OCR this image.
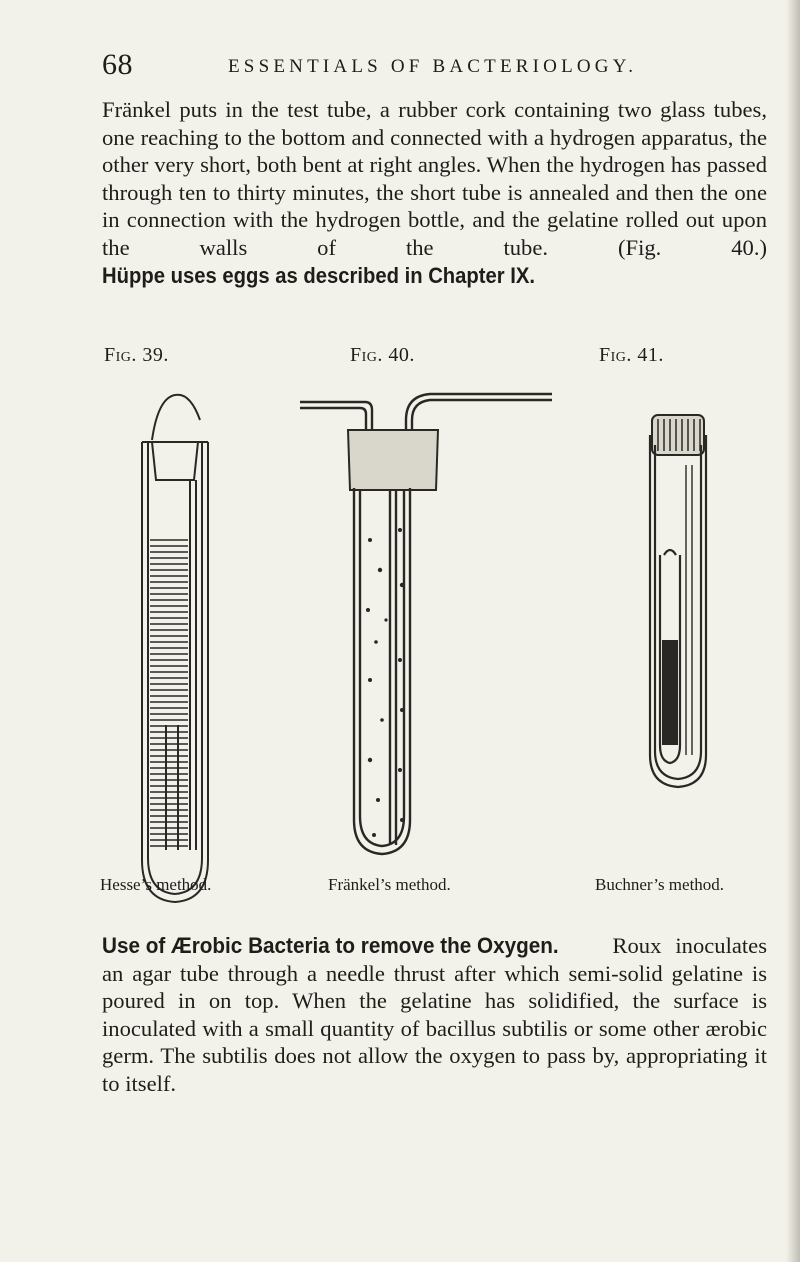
68	ESSENTIALS OF BACTERIOLOGY.
Fränkel puts in the test tube, a rubber cork containing two glass tubes, one reaching to the bottom and connected with a hydrogen apparatus, the other very short, both bent at right angles. When the hydrogen has passed through ten to thirty minutes, the short tube is annealed and then the one in connection with the hydrogen bottle, and the gelatine rolled out upon the walls of the tube. (Fig. 40.) Hüppe uses eggs as described in Chapter IX.
Fig. 39.	Fig. 40.	Fig. 41.
Hesse’s method.	Fränkel’s method.	Buchner’s method.
Use of Ærobic Bacteria to remove the Oxygen. Roux inoculates an agar tube through a needle thrust after which semi-solid gelatine is poured in on top. When the gelatine has solidified, the surface is inoculated with a small quantity of bacillus subtilis or some other ærobic germ. The subtilis does not allow the oxygen to pass by, appropriating it to itself.
